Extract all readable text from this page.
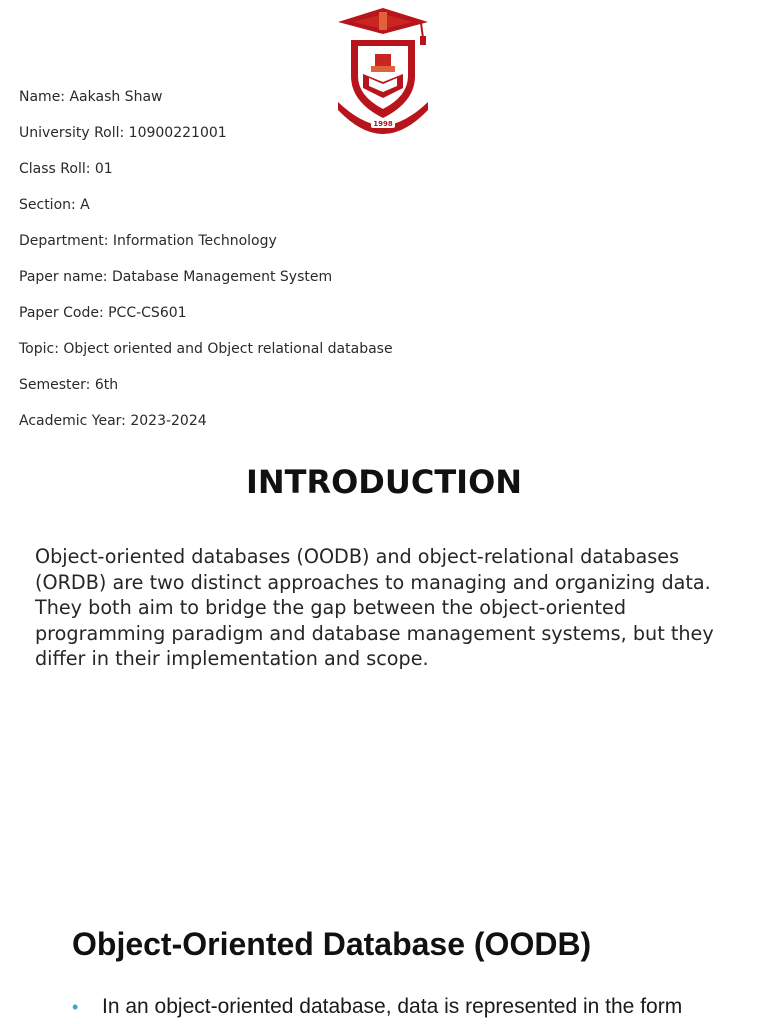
1998
Name: Aakash Shaw
University Roll: 10900221001
Class Roll: 01
Section: A
Department: Information Technology
Paper name: Database Management System
Paper Code: PCC-CS601
Topic: Object oriented and Object relational database
Semester: 6th
Academic Year: 2023-2024
INTRODUCTION

Object-oriented databases (OODB) and object-relational databases (ORDB) are two distinct approaches to managing and organizing data. They both aim to bridge the gap between the object-oriented programming paradigm and database management systems, but they differ in their implementation and scope.

Object-Oriented Database (OODB)
• In an object-oriented database, data is represented in the form
